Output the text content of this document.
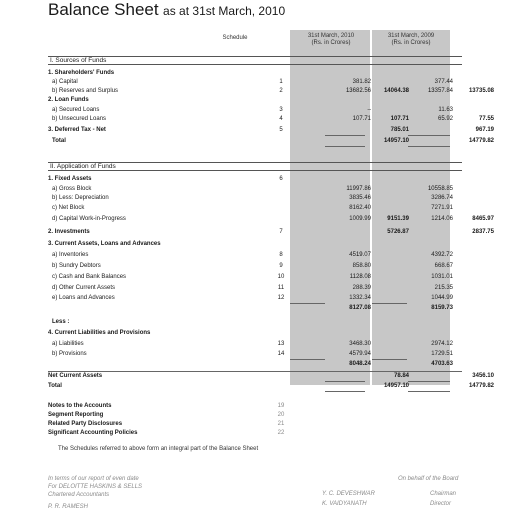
Balance Sheet as at 31st March, 2010
Schedule	31st March, 2010
(Rs. in Crores)
31st March, 2009
(Rs. in Crores)
I. Sources of Funds
1. Shareholders' Funds
a) Capital	1	381.82	377.44
b) Reserves and Surplus	2	13682.56	14064.38	13357.84	13735.08
2. Loan Funds
a) Secured Loans	3	–	11.63
b) Unsecured Loans	4	107.71	107.71	65.92	77.55
3. Deferred Tax - Net	5	785.01	967.19
Total	14957.10	14779.82
II. Application of Funds
1. Fixed Assets	6
a) Gross Block	11997.86	10558.85
b) Less: Depreciation	3835.46	3286.74
c) Net Block	8162.40	7271.91
d) Capital Work-in-Progress	1009.99	9151.39	1214.06	8465.97
2. Investments	7	5726.87	2837.75
3. Current Assets, Loans and Advances
a) Inventories	8	4519.07	4392.72
b) Sundry Debtors	9	858.80	668.67
c) Cash and Bank Balances	10	1128.08	1031.01
d) Other Current Assets	11	288.39	215.35
e) Loans and Advances	12	1332.34	1044.99
8127.08	8159.73
Less :
4. Current Liabilities and Provisions
a) Liabilities	13	3468.30	2974.12
b) Provisions	14	4579.94	1729.51
8048.24	4703.63
Net Current Assets	78.84	3456.10
Total	14957.10	14779.82
Notes to the Accounts	19
Segment Reporting	20
Related Party Disclosures	21
Significant Accounting Policies	22
The Schedules referred to above form an integral part of the Balance Sheet
In terms of our report of even date
For DELOITTE HASKINS & SELLS
Chartered Accountants
P. R. RAMESH
On behalf of the Board
Y. C. DEVESHWAR	Chairman
K. VAIDYANATH	Director
